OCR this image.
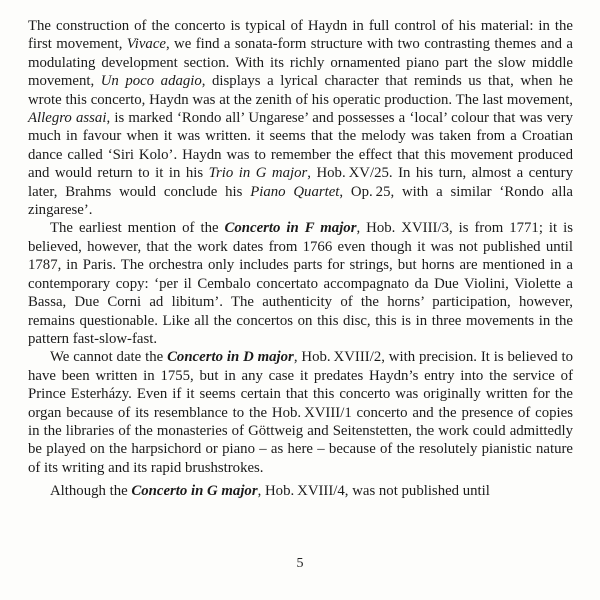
The construction of the concerto is typical of Haydn in full control of his material: in the first movement, Vivace, we find a sonata-form structure with two contrasting themes and a modulating development section. With its richly ornamented piano part the slow middle movement, Un poco adagio, displays a lyrical character that reminds us that, when he wrote this concerto, Haydn was at the zenith of his operatic production. The last movement, Allegro assai, is marked ‘Rondo all’ Ungarese’ and possesses a ‘local’ colour that was very much in favour when it was written. it seems that the melody was taken from a Croatian dance called ‘Siri Kolo’. Haydn was to remember the effect that this movement produced and would return to it in his Trio in G major, Hob. XV/25. In his turn, almost a century later, Brahms would conclude his Piano Quartet, Op. 25, with a similar ‘Rondo alla zingarese’.

The earliest mention of the Concerto in F major, Hob. XVIII/3, is from 1771; it is believed, however, that the work dates from 1766 even though it was not published until 1787, in Paris. The orchestra only includes parts for strings, but horns are mentioned in a contemporary copy: ‘per il Cembalo concertato accompagnato da Due Violini, Violette a Bassa, Due Corni ad libitum’. The authenticity of the horns’ participation, however, remains questionable. Like all the concertos on this disc, this is in three movements in the pattern fast-slow-fast.

We cannot date the Concerto in D major, Hob. XVIII/2, with precision. It is believed to have been written in 1755, but in any case it predates Haydn’s entry into the service of Prince Esterházy. Even if it seems certain that this concerto was originally written for the organ because of its resemblance to the Hob. XVIII/1 concerto and the presence of copies in the libraries of the monasteries of Göttweig and Seitenstetten, the work could admittedly be played on the harpsichord or piano – as here – because of the resolutely pianistic nature of its writing and its rapid brushstrokes.

Although the Concerto in G major, Hob. XVIII/4, was not published until

5
